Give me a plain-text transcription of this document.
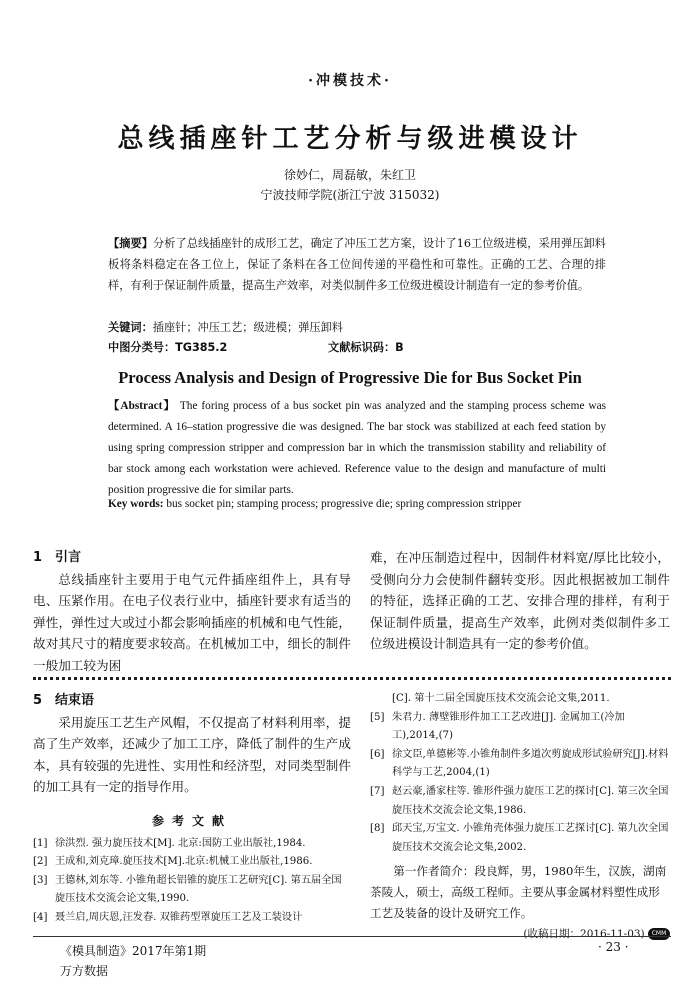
·冲模技术·
总线插座针工艺分析与级进模设计
徐妙仁，周磊敏，朱红卫
宁波技师学院(浙江宁波 315032)
【摘要】分析了总线插座针的成形工艺，确定了冲压工艺方案，设计了16工位级进模，采用弹压卸料板将条料稳定在各工位上，保证了条料在各工位间传递的平稳性和可靠性。正确的工艺、合理的排样，有利于保证制件质量，提高生产效率，对类似制件多工位级进模设计制造有一定的参考价值。
关键词：插座针；冲压工艺；级进模；弹压卸料
中图分类号：TG385.2	文献标识码：B
Process Analysis and Design of Progressive Die for Bus Socket Pin
【Abstract】 The foring process of a bus socket pin was analyzed and the stamping process scheme was determined. A 16–station progressive die was designed. The bar stock was stabilized at each feed station by using spring compression stripper and compression bar in which the transmission stability and reliability of bar stock among each workstation were achieved. Reference value to the design and manufacture of multi position progressive die for similar parts.
Key words: bus socket pin; stamping process; progressive die; spring compression stripper
1　引言
总线插座针主要用于电气元件插座组件上，具有导电、压紧作用。在电子仪表行业中，插座针要求有适当的弹性，弹性过大或过小都会影响插座的机械和电气性能，故对其尺寸的精度要求较高。在机械加工中，细长的制件一般加工较为困
难，在冲压制造过程中，因制件材料宽/厚比比较小，受侧向分力会使制件翻转变形。因此根据被加工制件的特征，选择正确的工艺、安排合理的排样，有利于保证制件质量，提高生产效率，此例对类似制件多工位级进模设计制造具有一定的参考价值。
5　结束语
采用旋压工艺生产风帽，不仅提高了材料利用率，提高了生产效率，还减少了加工工序，降低了制件的生产成本，具有较强的先进性、实用性和经济型，对同类型制件的加工具有一定的指导作用。
参考文献
[1] 徐洪烈. 强力旋压技术[M]. 北京:国防工业出版社,1984.
[2] 王成和,刘克璋.旋压技术[M].北京:机械工业出版社,1986.
[3] 王德林,刘东等. 小锥角超长铝锥的旋压工艺研究[C]. 第五届全国旋压技术交流会论文集,1990.
[4] 聂兰启,周庆恩,汪发春. 双锥药型罩旋压工艺及工装设计
[C]. 第十二届全国旋压技术交流会论文集,2011.
[5] 朱君力. 薄壁锥形件加工工艺改进[J]. 金属加工(冷加工),2014,(7)
[6] 徐文臣,单德彬等.小锥角制件多道次剪旋成形试验研究[J].材料科学与工艺,2004,(1)
[7] 赵云豪,潘家柱等. 锥形件强力旋压工艺的探讨[C]. 第三次全国旋压技术交流会论文集,1986.
[8] 邱天宝,万宝文. 小锥角壳体强力旋压工艺探讨[C]. 第九次全国旋压技术交流会论文集,2002.
第一作者简介：段良辉，男，1980年生，汉族，湖南茶陵人，硕士，高级工程师。主要从事金属材料塑性成形工艺及装备的设计及研究工作。
(收稿日期：2016-11-03) CMM
《模具制造》2017年第1期	· 23 ·
万方数据
